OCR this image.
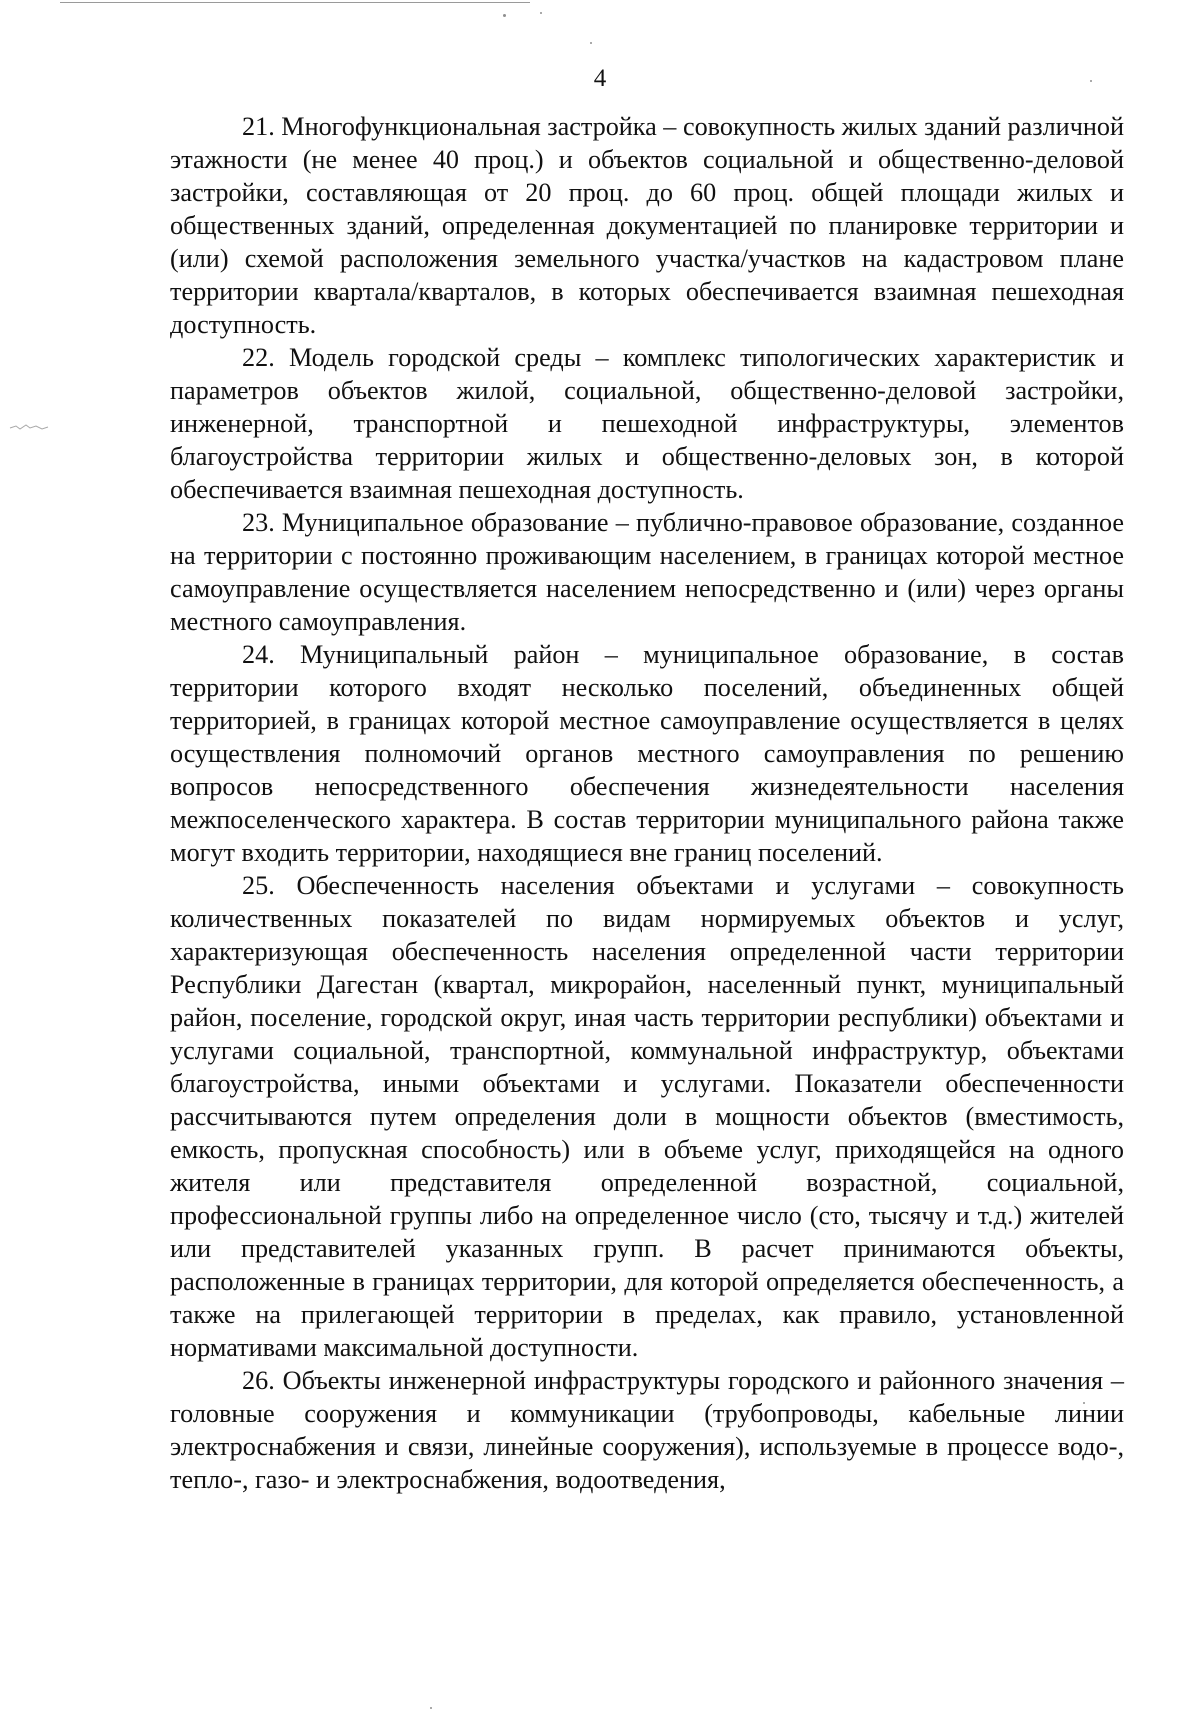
4

21. Многофункциональная застройка – совокупность жилых зданий различной этажности (не менее 40 проц.) и объектов социальной и общественно-деловой застройки, составляющая от 20 проц. до 60 проц. общей площади жилых и общественных зданий, определенная документацией по планировке территории и (или) схемой расположения земельного участка/участков на кадастровом плане территории квартала/кварталов, в которых обеспечивается взаимная пешеходная доступность.

22. Модель городской среды – комплекс типологических характеристик и параметров объектов жилой, социальной, общественно-деловой застройки, инженерной, транспортной и пешеходной инфраструктуры, элементов благоустройства территории жилых и общественно-деловых зон, в которой обеспечивается взаимная пешеходная доступность.

23. Муниципальное образование – публично-правовое образование, созданное на территории с постоянно проживающим населением, в границах которой местное самоуправление осуществляется населением непосредственно и (или) через органы местного самоуправления.

24. Муниципальный район – муниципальное образование, в состав территории которого входят несколько поселений, объединенных общей территорией, в границах которой местное самоуправление осуществляется в целях осуществления полномочий органов местного самоуправления по решению вопросов непосредственного обеспечения жизнедеятельности населения межпоселенческого характера. В состав территории муниципального района также могут входить территории, находящиеся вне границ поселений.

25. Обеспеченность населения объектами и услугами – совокупность количественных показателей по видам нормируемых объектов и услуг, характеризующая обеспеченность населения определенной части территории Республики Дагестан (квартал, микрорайон, населенный пункт, муниципальный район, поселение, городской округ, иная часть территории республики) объектами и услугами социальной, транспортной, коммунальной инфраструктур, объектами благоустройства, иными объектами и услугами. Показатели обеспеченности рассчитываются путем определения доли в мощности объектов (вместимость, емкость, пропускная способность) или в объеме услуг, приходящейся на одного жителя или представителя определенной возрастной, социальной, профессиональной группы либо на определенное число (сто, тысячу и т.д.) жителей или представителей указанных групп. В расчет принимаются объекты, расположенные в границах территории, для которой определяется обеспеченность, а также на прилегающей территории в пределах, как правило, установленной нормативами максимальной доступности.

26. Объекты инженерной инфраструктуры городского и районного значения – головные сооружения и коммуникации (трубопроводы, кабельные линии электроснабжения и связи, линейные сооружения), используемые в процессе водо-, тепло-, газо- и электроснабжения, водоотведения,
